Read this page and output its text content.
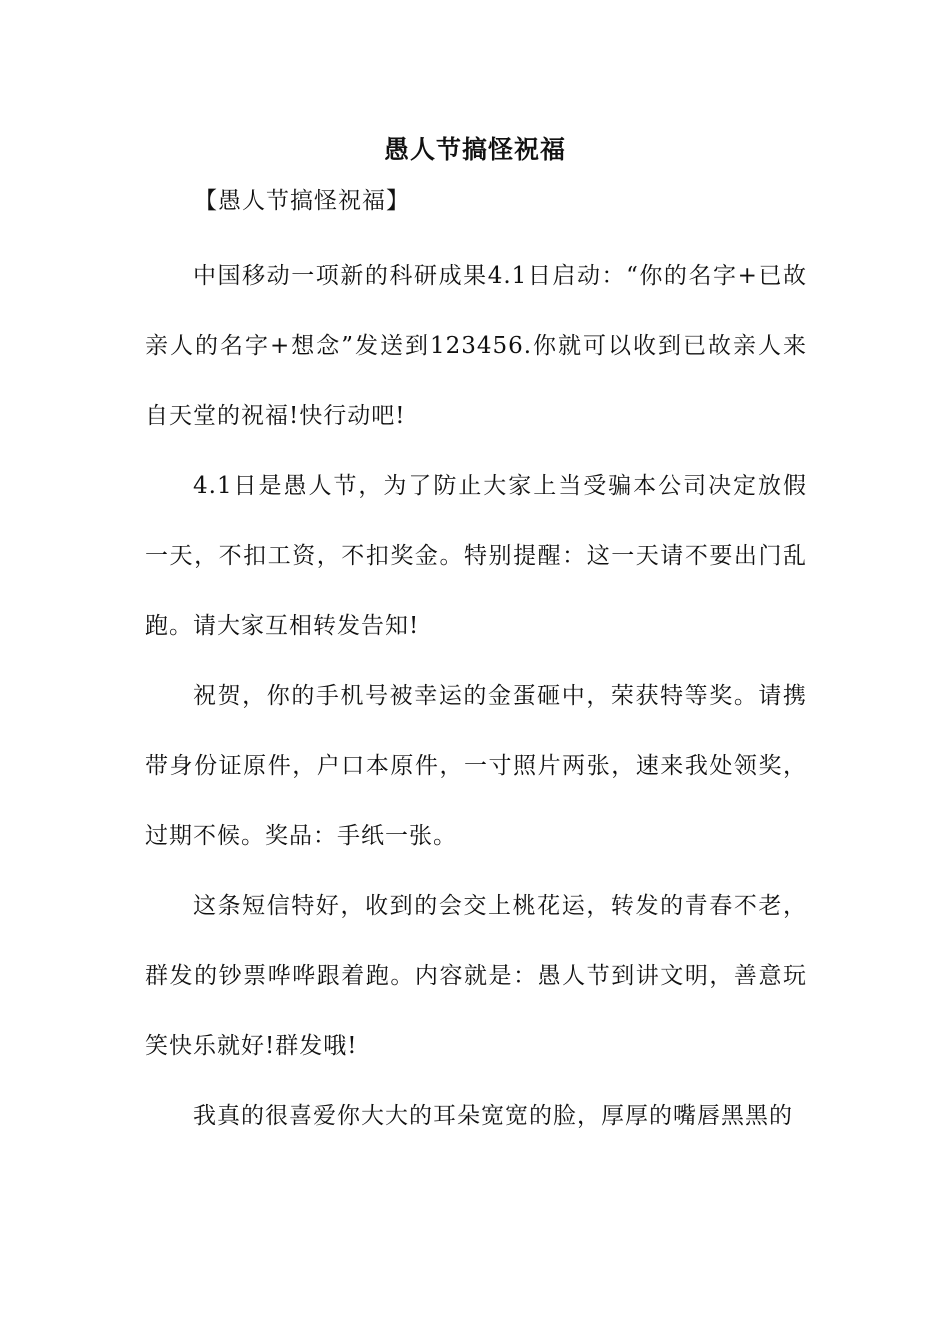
愚人节搞怪祝福
【愚人节搞怪祝福】

中国移动一项新的科研成果4.1日启动：“你的名字+已故亲人的名字+想念”发送到123456.你就可以收到已故亲人来自天堂的祝福!快行动吧!

4.1日是愚人节，为了防止大家上当受骗本公司决定放假一天，不扣工资，不扣奖金。特别提醒：这一天请不要出门乱跑。请大家互相转发告知!

祝贺，你的手机号被幸运的金蛋砸中，荣获特等奖。请携带身份证原件，户口本原件，一寸照片两张，速来我处领奖，过期不候。奖品：手纸一张。

这条短信特好，收到的会交上桃花运，转发的青春不老，群发的钞票哗哗跟着跑。内容就是：愚人节到讲文明，善意玩笑快乐就好!群发哦!

我真的很喜爱你大大的耳朵宽宽的脸，厚厚的嘴唇黑黑的
